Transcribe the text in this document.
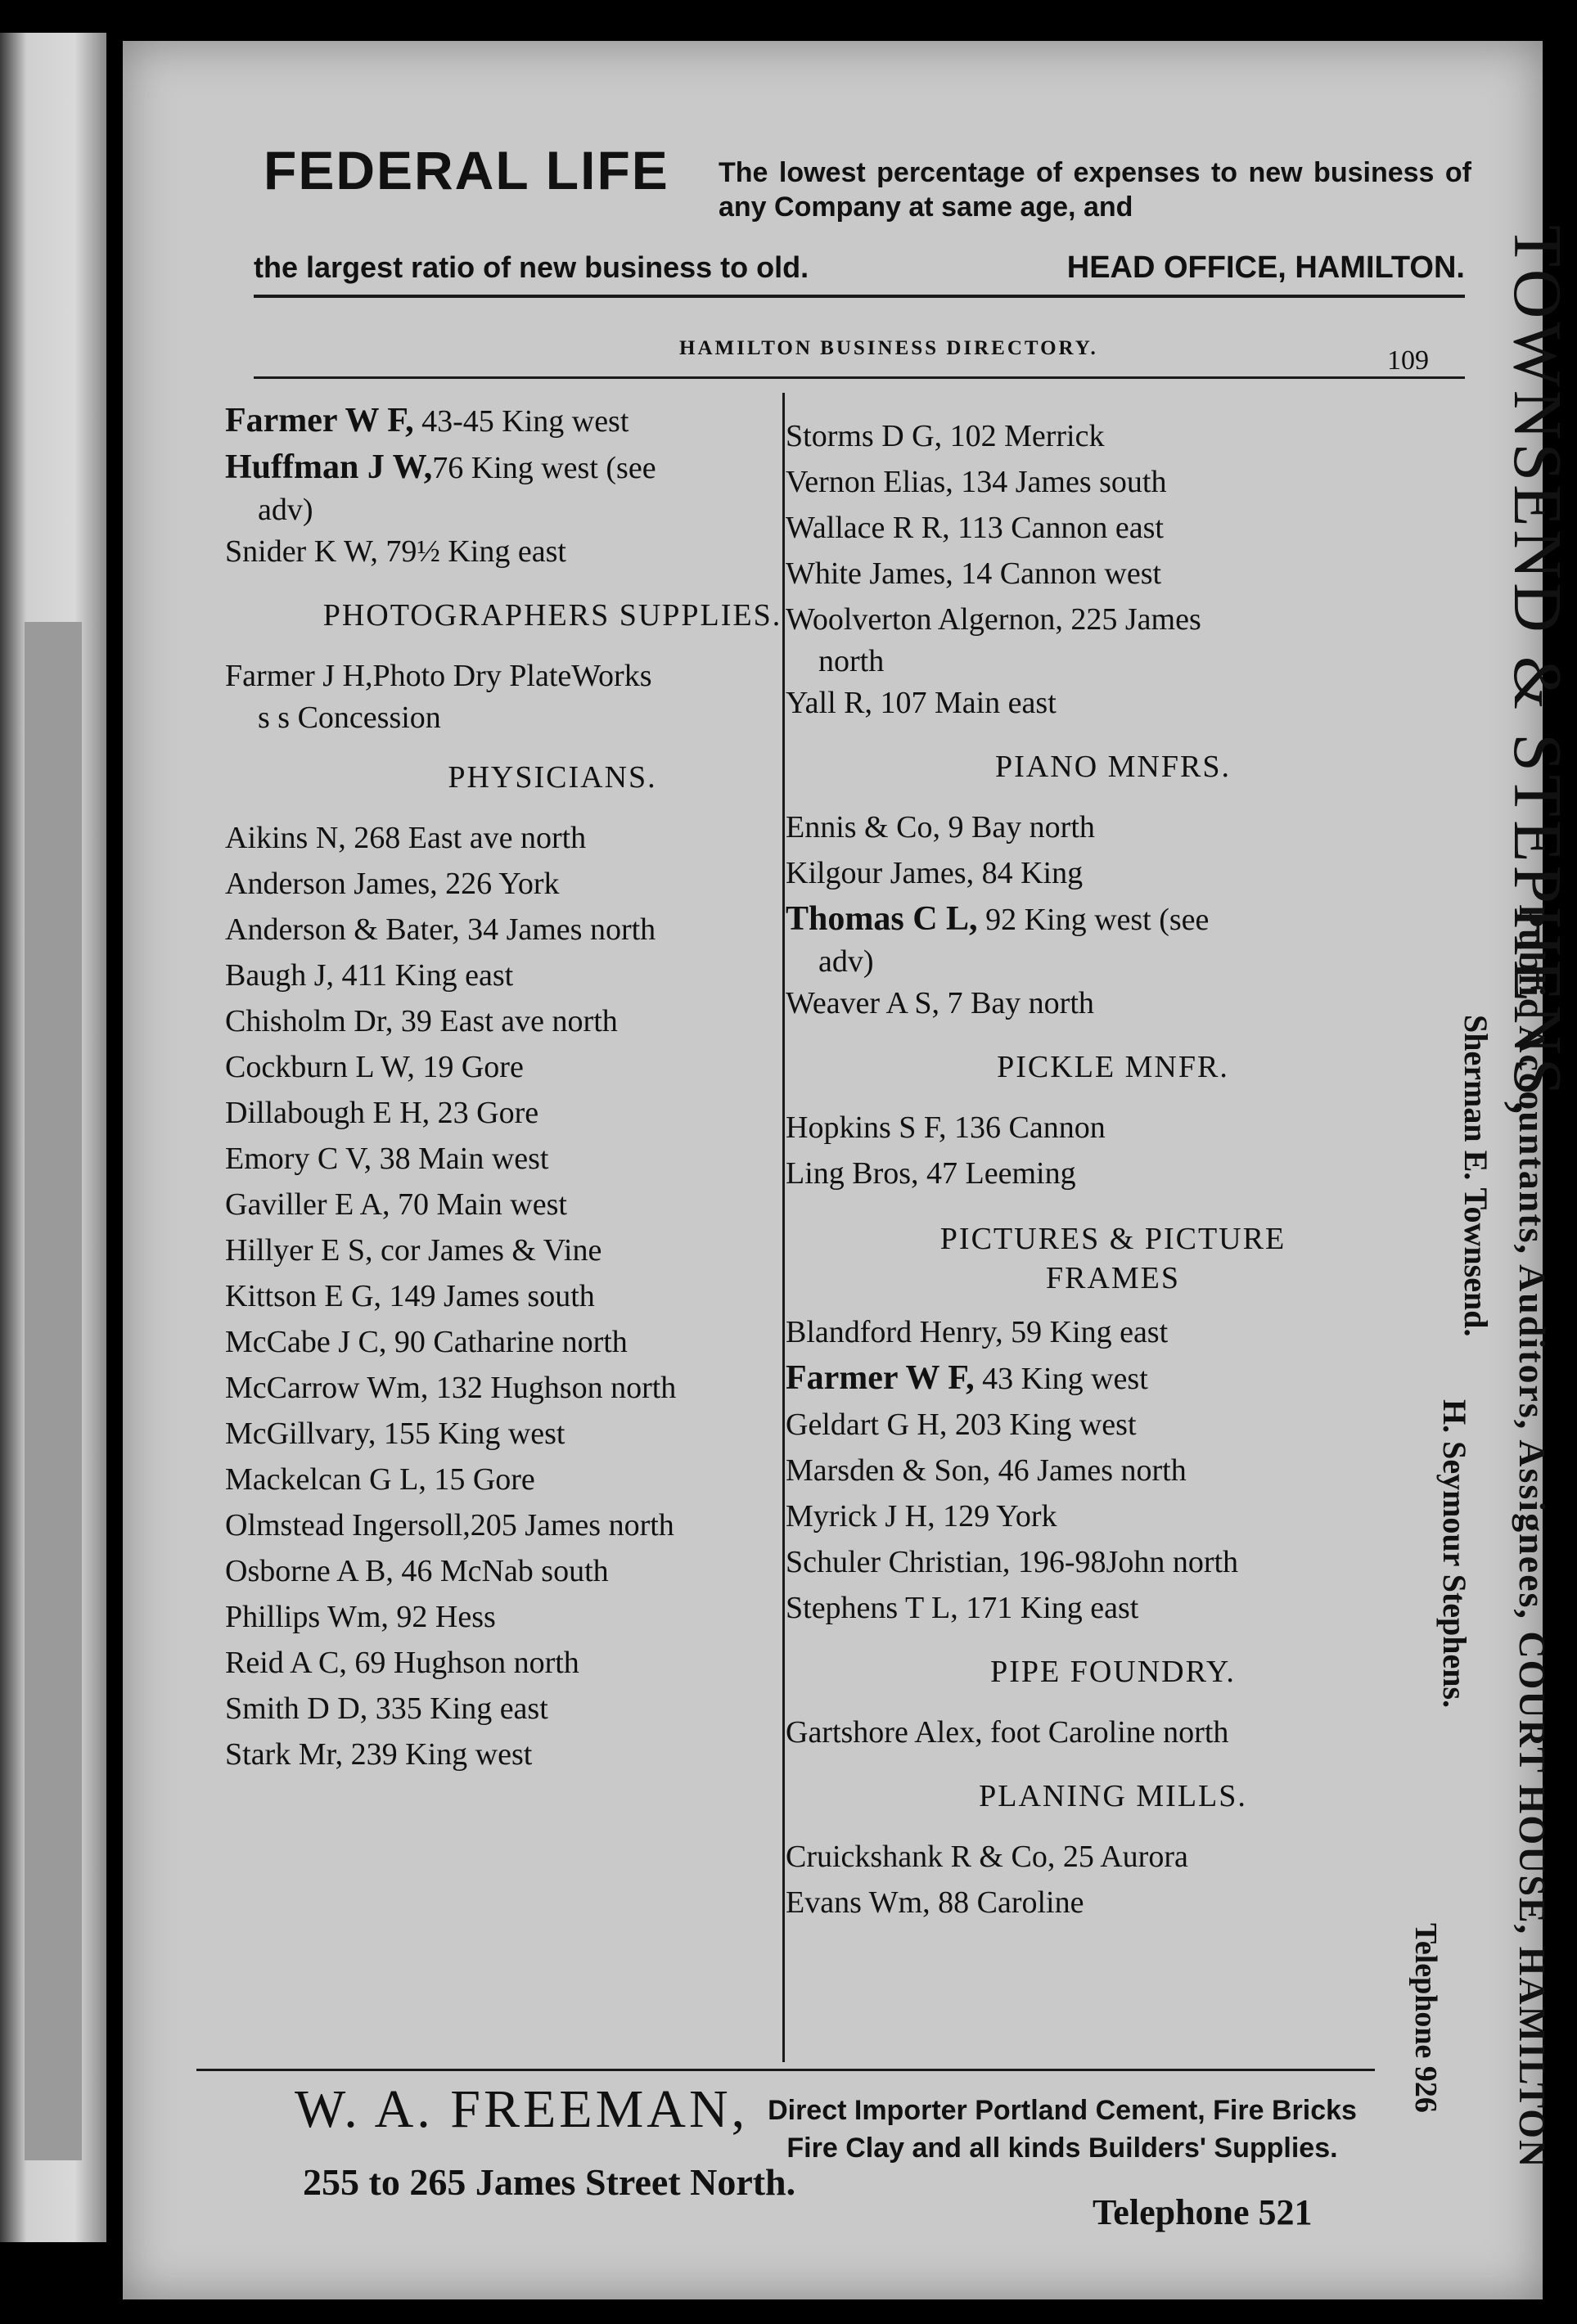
FEDERAL LIFE The lowest percentage of expenses to new business of any Company at same age, and
the largest ratio of new business to old.	HEAD OFFICE, HAMILTON.
HAMILTON BUSINESS DIRECTORY.	109
Farmer W F, 43-45 King west
Huffman J W,76 King west (see
adv)
Snider K W, 79½ King east
PHOTOGRAPHERS SUPPLIES.
Farmer J H,Photo Dry PlateWorks
s s Concession
PHYSICIANS.
Aikins N, 268 East ave north
Anderson James, 226 York
Anderson & Bater, 34 James north
Baugh J, 411 King east
Chisholm Dr, 39 East ave north
Cockburn L W, 19 Gore
Dillabough E H, 23 Gore
Emory C V, 38 Main west
Gaviller E A, 70 Main west
Hillyer E S, cor James & Vine
Kittson E G, 149 James south
McCabe J C, 90 Catharine north
McCarrow Wm, 132 Hughson north
McGillvary, 155 King west
Mackelcan G L, 15 Gore
Olmstead Ingersoll,205 James north
Osborne A B, 46 McNab south
Phillips Wm, 92 Hess
Reid A C, 69 Hughson north
Smith D D, 335 King east
Stark Mr, 239 King west
Storms D G, 102 Merrick
Vernon Elias, 134 James south
Wallace R R, 113 Cannon east
White James, 14 Cannon west
Woolverton Algernon, 225 James
north
Yall R, 107 Main east
PIANO MNFRS.
Ennis & Co, 9 Bay north
Kilgour James, 84 King
Thomas C L, 92 King west (see
adv)
Weaver A S, 7 Bay north
PICKLE MNFR.
Hopkins S F, 136 Cannon
Ling Bros, 47 Leeming
PICTURES & PICTURE
FRAMES
Blandford Henry, 59 King east
Farmer W F, 43 King west
Geldart G H, 203 King west
Marsden & Son, 46 James north
Myrick J H, 129 York
Schuler Christian, 196-98John north
Stephens T L, 171 King east
PIPE FOUNDRY.
Gartshore Alex, foot Caroline north
PLANING MILLS.
Cruickshank R & Co, 25 Aurora
Evans Wm, 88 Caroline
W. A. FREEMAN, Direct Importer Portland Cement, Fire Bricks Fire Clay and all kinds Builders' Supplies.
255 to 265 James Street North.
Telephone 521
TOWNSEND & STEPHENS,
Public Accountants, Auditors, Assignees, COURT HOUSE, HAMILTON
Sherman E. Townsend.
H. Seymour Stephens.
Telephone 926
